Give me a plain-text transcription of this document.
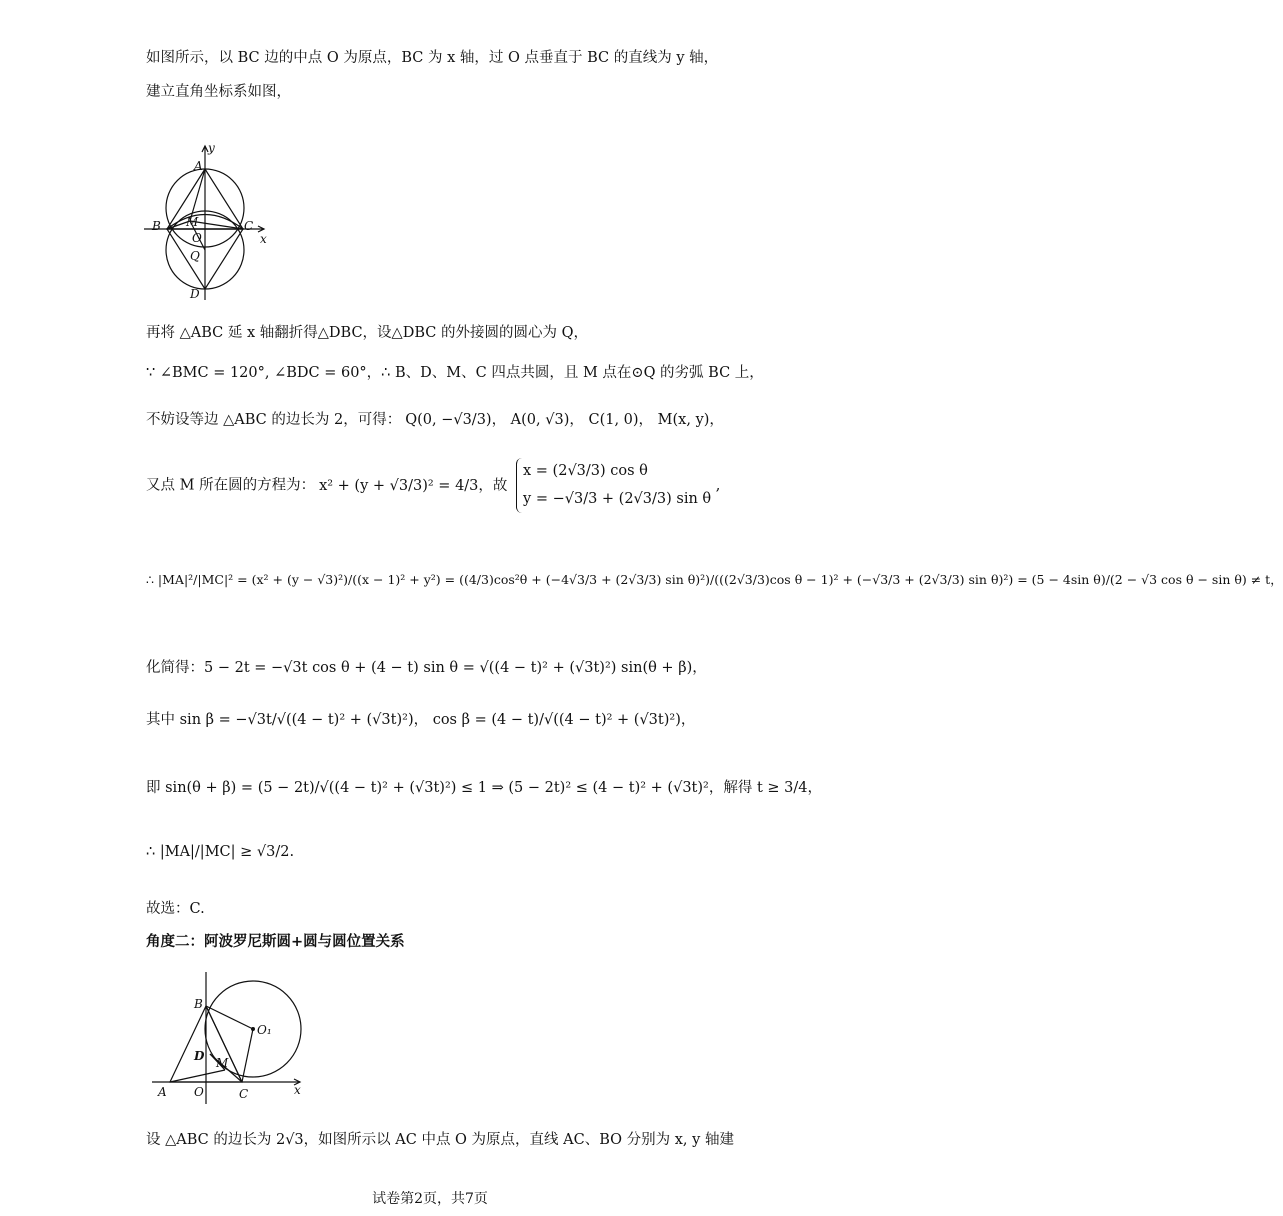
如图所示，以 BC 边的中点 O 为原点，BC 为 x 轴，过 O 点垂直于 BC 的直线为 y 轴，
建立直角坐标系如图，
y
A
B M	C
O	x
Q
D
再将 △ABC 延 x 轴翻折得△DBC，设△DBC 的外接圆的圆心为 Q，
∵ ∠BMC = 120°, ∠BDC = 60°，∴ B、D、M、C 四点共圆，且 M 点在⊙Q 的劣弧 BC 上，
不妨设等边 △ABC 的边长为 2，可得： Q(0, −√3/3)， A(0, √3)， C(1, 0)， M(x, y)，
又点 M 所在圆的方程为： x² + (y + √3/3)² = 4/3，故
x = (2√3/3) cos θ
y = −√3/3 + (2√3/3) sin θ
,
∴ |MA|²/|MC|² = (x² + (y − √3)²)/((x − 1)² + y²) = ((4/3)cos²θ + (−4√3/3 + (2√3/3) sin θ)²)/(((2√3/3)cos θ − 1)² + (−√3/3 + (2√3/3) sin θ)²) = (5 − 4sin θ)/(2 − √3 cos θ − sin θ) ≠ t，
化简得：5 − 2t = −√3t cos θ + (4 − t) sin θ = √((4 − t)² + (√3t)²) sin(θ + β)，
其中 sin β = −√3t/√((4 − t)² + (√3t)²)， cos β = (4 − t)/√((4 − t)² + (√3t)²)，
即 sin(θ + β) = (5 − 2t)/√((4 − t)² + (√3t)²) ≤ 1 ⇒ (5 − 2t)² ≤ (4 − t)² + (√3t)²，解得 t ≥ 3/4，
∴ |MA|/|MC| ≥ √3/2.
故选：C.
角度二：阿波罗尼斯圆+圆与圆位置关系
B
O₁
D M
A O	C	x
设 △ABC 的边长为 2√3，如图所示以 AC 中点 O 为原点，直线 AC、BO 分别为 x, y 轴建
试卷第2页，共7页
